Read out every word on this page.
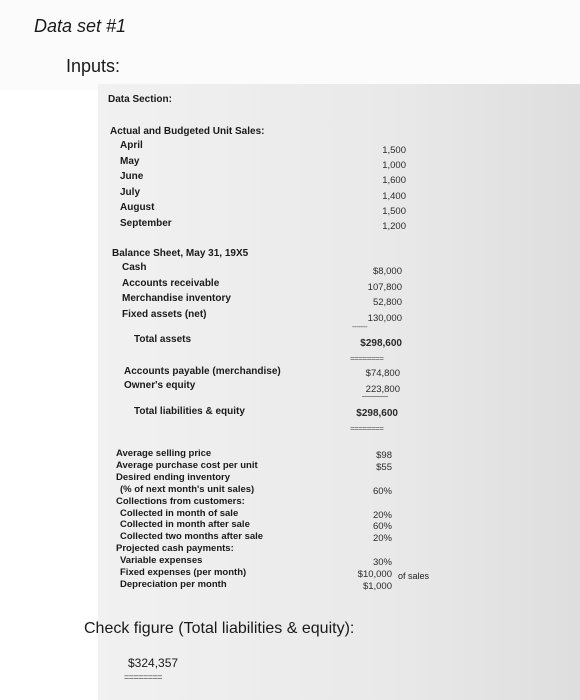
Data set #1
Inputs:
Data Section:
Actual and Budgeted Unit Sales:
April	1,500
May	1,000
June	1,600
July	1,400
August	1,500
September	1,200
Balance Sheet, May 31, 19X5
Cash	$8,000
Accounts receivable	107,800
Merchandise inventory	52,800
Fixed assets (net)	130,000
-------
Total assets	$298,600
========
Accounts payable (merchandise)	$74,800
Owner's equity	223,800
Total liabilities & equity	$298,600
========
Average selling price	$98
Average purchase cost per unit	$55
Desired ending inventory
(% of next month's unit sales)	60%
Collections from customers:
Collected in month of sale	20%
Collected in month after sale	60%
Collected two months after sale	20%
Projected cash payments:
Variable expenses	30%
Fixed expenses (per month)	$10,000
Depreciation per month	$1,000
of sales
Check figure (Total liabilities & equity):
$324,357
========
